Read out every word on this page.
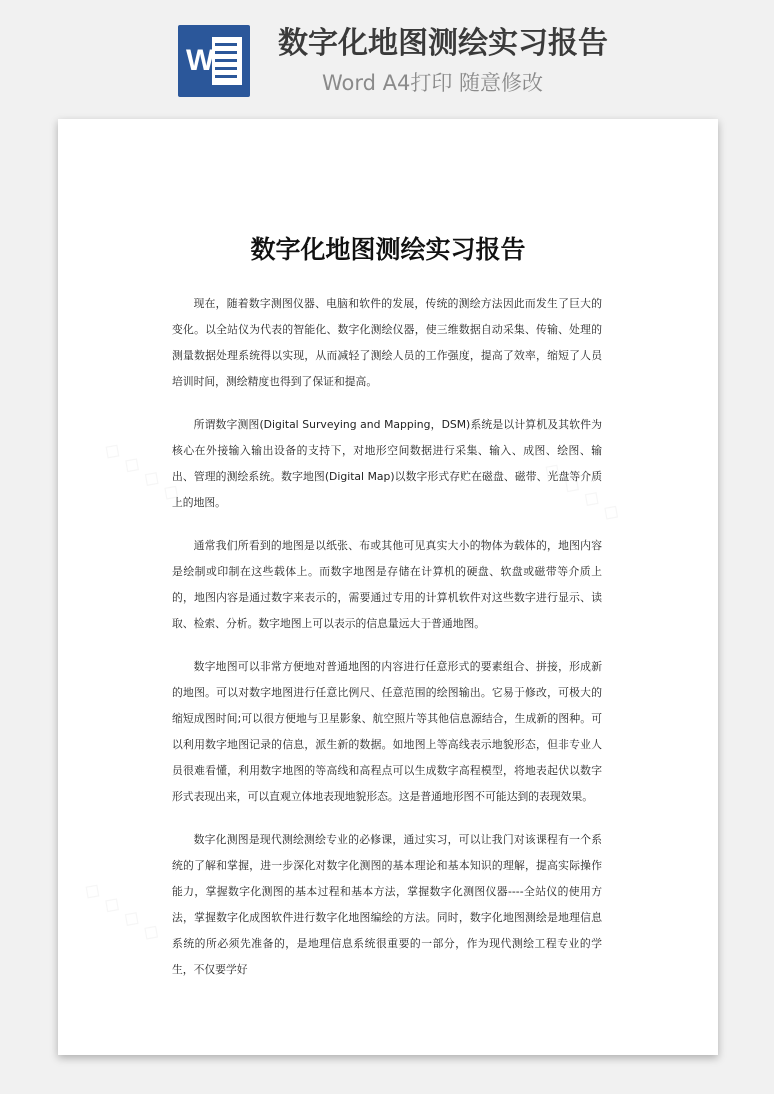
W 数字化地图测绘实习报告
Word A4打印 随意修改
◇ ◇ ◇ ◇	◇ ◇ ◇ ◇
◇ ◇ ◇ ◇
数字化地图测绘实习报告

现在，随着数字测图仪器、电脑和软件的发展，传统的测绘方法因此而发生了巨大的变化。以全站仪为代表的智能化、数字化测绘仪器，使三维数据自动采集、传输、处理的测量数据处理系统得以实现，从而减轻了测绘人员的工作强度，提高了效率，缩短了人员培训时间，测绘精度也得到了保证和提高。

所谓数字测图(Digital Surveying and Mapping，DSM)系统是以计算机及其软件为核心在外接输入输出设备的支持下，对地形空间数据进行采集、输入、成图、绘图、输出、管理的测绘系统。数字地图(Digital Map)以数字形式存贮在磁盘、磁带、光盘等介质上的地图。

通常我们所看到的地图是以纸张、布或其他可见真实大小的物体为载体的，地图内容是绘制或印制在这些载体上。而数字地图是存储在计算机的硬盘、软盘或磁带等介质上的，地图内容是通过数字来表示的，需要通过专用的计算机软件对这些数字进行显示、读取、检索、分析。数字地图上可以表示的信息量远大于普通地图。

数字地图可以非常方便地对普通地图的内容进行任意形式的要素组合、拼接，形成新的地图。可以对数字地图进行任意比例尺、任意范围的绘图输出。它易于修改，可极大的缩短成图时间;可以很方便地与卫星影象、航空照片等其他信息源结合，生成新的图种。可以利用数字地图记录的信息，派生新的数据。如地图上等高线表示地貌形态，但非专业人员很难看懂，利用数字地图的等高线和高程点可以生成数字高程模型，将地表起伏以数字形式表现出来，可以直观立体地表现地貌形态。这是普通地形图不可能达到的表现效果。

数字化测图是现代测绘测绘专业的必修课，通过实习，可以让我门对该课程有一个系统的了解和掌握，进一步深化对数字化测图的基本理论和基本知识的理解，提高实际操作能力，掌握数字化测图的基本过程和基本方法，掌握数字化测图仪器----全站仪的使用方法，掌握数字化成图软件进行数字化地图编绘的方法。同时，数字化地图测绘是地理信息系统的所必须先准备的，是地理信息系统很重要的一部分，作为现代测绘工程专业的学生，不仅要学好
